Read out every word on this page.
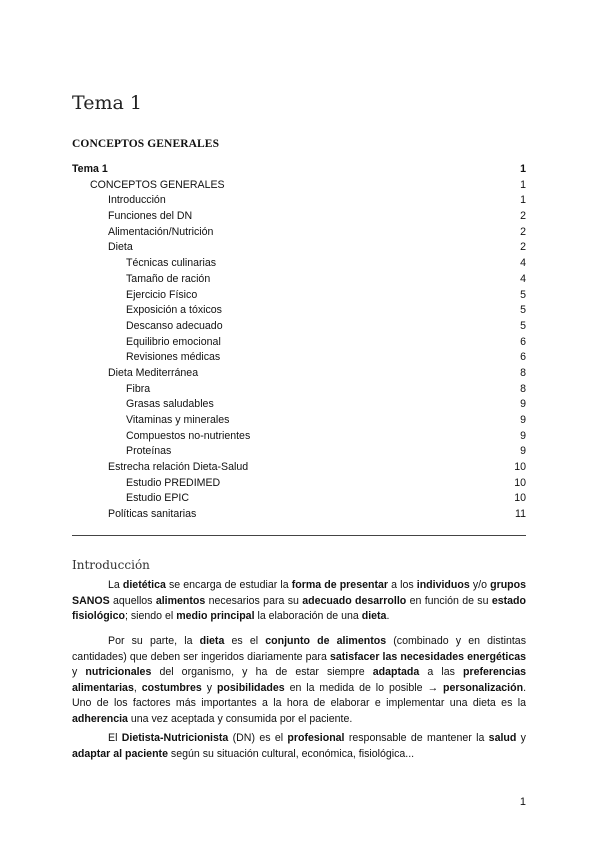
Tema 1
CONCEPTOS GENERALES
Tema 1	1
CONCEPTOS GENERALES	1
Introducción	1
Funciones del DN	2
Alimentación/Nutrición	2
Dieta	2
Técnicas culinarias	4
Tamaño de ración	4
Ejercicio Físico	5
Exposición a tóxicos	5
Descanso adecuado	5
Equilibrio emocional	6
Revisiones médicas	6
Dieta Mediterránea	8
Fibra	8
Grasas saludables	9
Vitaminas y minerales	9
Compuestos no-nutrientes	9
Proteínas	9
Estrecha relación Dieta-Salud	10
Estudio PREDIMED	10
Estudio EPIC	10
Políticas sanitarias	11
Introducción

La dietética se encarga de estudiar la forma de presentar a los individuos y/o grupos SANOS aquellos alimentos necesarios para su adecuado desarrollo en función de su estado fisiológico; siendo el medio principal la elaboración de una dieta.

Por su parte, la dieta es el conjunto de alimentos (combinado y en distintas cantidades) que deben ser ingeridos diariamente para satisfacer las necesidades energéticas y nutricionales del organismo, y ha de estar siempre adaptada a las preferencias alimentarias, costumbres y posibilidades en la medida de lo posible → personalización. Uno de los factores más importantes a la hora de elaborar e implementar una dieta es la adherencia una vez aceptada y consumida por el paciente.

El Dietista-Nutricionista (DN) es el profesional responsable de mantener la salud y adaptar al paciente según su situación cultural, económica, fisiológica...

1
